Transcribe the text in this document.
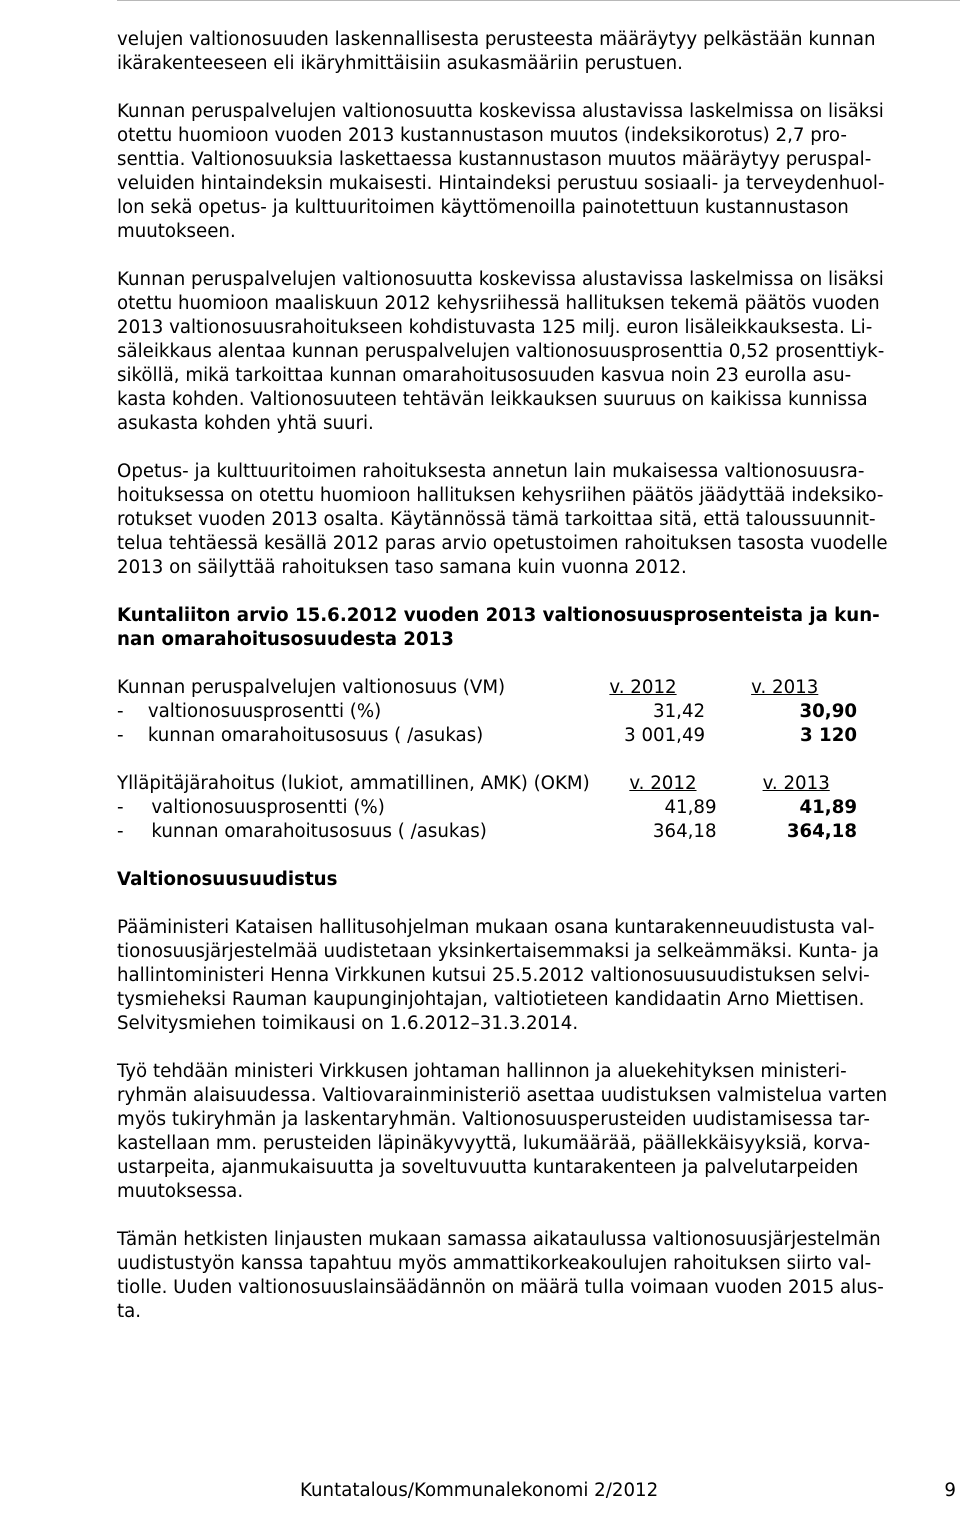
velujen valtionosuuden laskennallisesta perusteesta määräytyy pelkästään kunnan
ikärakenteeseen eli ikäryhmittäisiin asukasmääriin perustuen.

Kunnan peruspalvelujen valtionosuutta koskevissa alustavissa laskelmissa on lisäksi
otettu huomioon vuoden 2013 kustannustason muutos (indeksikorotus) 2,7 pro-
senttia. Valtionosuuksia laskettaessa kustannustason muutos määräytyy peruspal-
veluiden hintaindeksin mukaisesti. Hintaindeksi perustuu sosiaali- ja terveydenhuol-
lon sekä opetus- ja kulttuuritoimen käyttömenoilla painotettuun kustannustason
muutokseen.

Kunnan peruspalvelujen valtionosuutta koskevissa alustavissa laskelmissa on lisäksi
otettu huomioon maaliskuun 2012 kehysriihessä hallituksen tekemä päätös vuoden
2013 valtionosuusrahoitukseen kohdistuvasta 125 milj. euron lisäleikkauksesta. Li-
säleikkaus alentaa kunnan peruspalvelujen valtionosuusprosenttia 0,52 prosenttiyk-
siköllä, mikä tarkoittaa kunnan omarahoitusosuuden kasvua noin 23 eurolla asu-
kasta kohden. Valtionosuuteen tehtävän leikkauksen suuruus on kaikissa kunnissa
asukasta kohden yhtä suuri.

Opetus- ja kulttuuritoimen rahoituksesta annetun lain mukaisessa valtionosuusra-
hoituksessa on otettu huomioon hallituksen kehysriihen päätös jäädyttää indeksiko-
rotukset vuoden 2013 osalta. Käytännössä tämä tarkoittaa sitä, että taloussuunnit-
telua tehtäessä kesällä 2012 paras arvio opetustoimen rahoituksen tasosta vuodelle
2013 on säilyttää rahoituksen taso samana kuin vuonna 2012.

Kuntaliiton arvio 15.6.2012 vuoden 2013 valtionosuusprosenteista ja kun-
nan omarahoitusosuudesta 2013
Kunnan peruspalvelujen valtionosuus (VM)		v. 2012	v. 2013
-	valtionosuusprosentti (%)	31,42	30,90
-	kunnan omarahoitusosuus ( /asukas)	3 001,49	3 120
Ylläpitäjärahoitus (lukiot, ammatillinen, AMK) (OKM)		v. 2012	v. 2013
-	valtionosuusprosentti (%)	41,89	41,89
-	kunnan omarahoitusosuus ( /asukas)	364,18	364,18
Valtionosuusuudistus

Pääministeri Kataisen hallitusohjelman mukaan osana kuntarakenneuudistusta val-
tionosuusjärjestelmää uudistetaan yksinkertaisemmaksi ja selkeämmäksi. Kunta- ja
hallintoministeri Henna Virkkunen kutsui 25.5.2012 valtionosuusuudistuksen selvi-
tysmieheksi Rauman kaupunginjohtajan, valtiotieteen kandidaatin Arno Miettisen.
Selvitysmiehen toimikausi on 1.6.2012–31.3.2014.

Työ tehdään ministeri Virkkusen johtaman hallinnon ja aluekehityksen ministeri-
ryhmän alaisuudessa. Valtiovarainministeriö asettaa uudistuksen valmistelua varten
myös tukiryhmän ja laskentaryhmän. Valtionosuusperusteiden uudistamisessa tar-
kastellaan mm. perusteiden läpinäkyvyyttä, lukumäärää, päällekkäisyyksiä, korva-
ustarpeita, ajanmukaisuutta ja soveltuvuutta kuntarakenteen ja palvelutarpeiden
muutoksessa.

Tämän hetkisten linjausten mukaan samassa aikataulussa valtionosuusjärjestelmän
uudistustyön kanssa tapahtuu myös ammattikorkeakoulujen rahoituksen siirto val-
tiolle. Uuden valtionosuuslainsäädännön on määrä tulla voimaan vuoden 2015 alus-
ta.

Kuntatalous/Kommunalekonomi 2/2012	9
